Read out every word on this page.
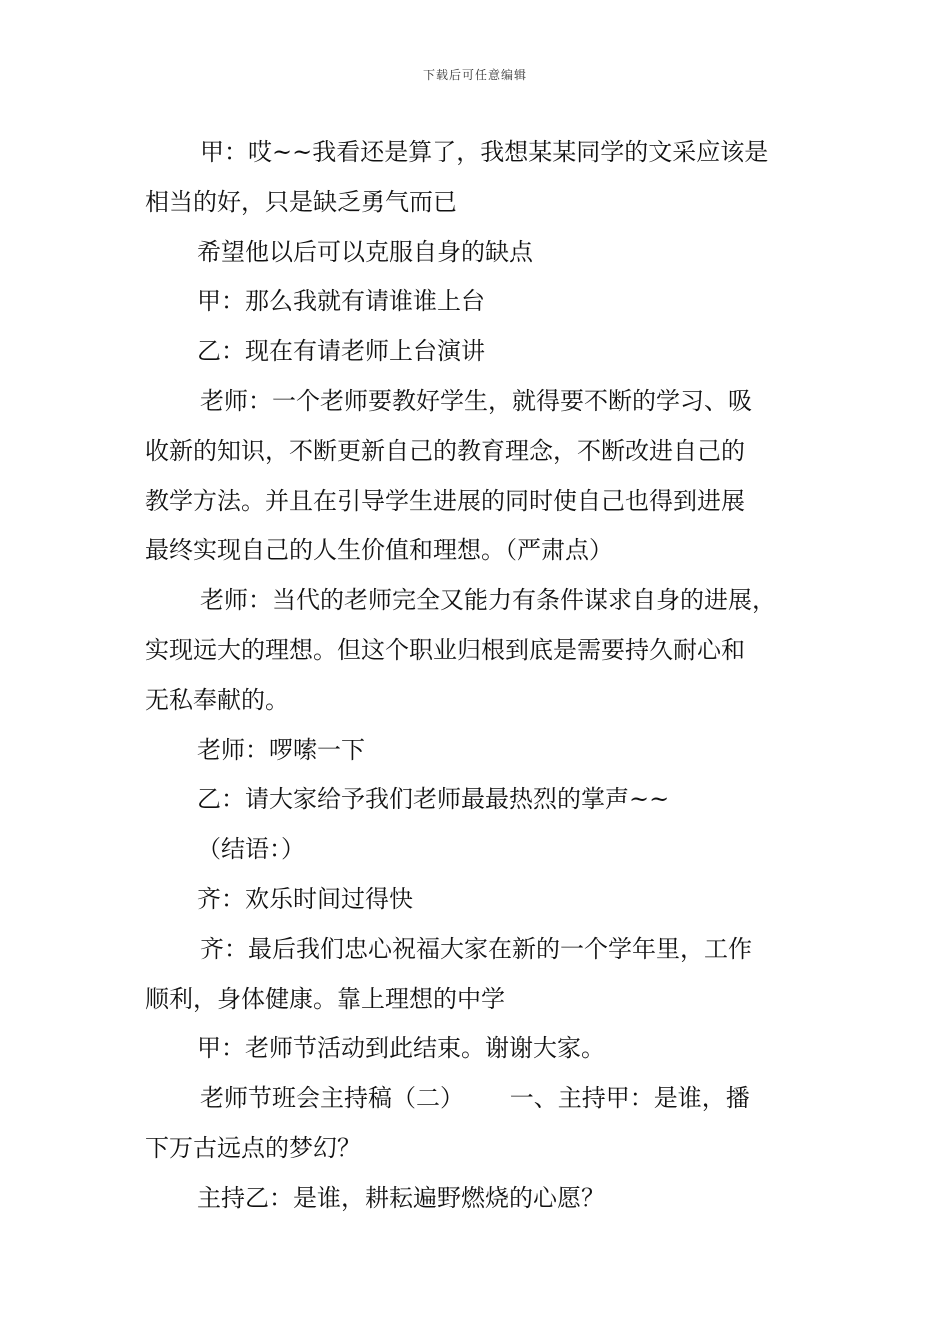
下载后可任意编辑
甲：哎~~我看还是算了，我想某某同学的文采应该是
相当的好，只是缺乏勇气而已
希望他以后可以克服自身的缺点
甲：那么我就有请谁谁上台
乙：现在有请老师上台演讲
老师：一个老师要教好学生，就得要不断的学习、吸
收新的知识，不断更新自己的教育理念，不断改进自己的
教学方法。并且在引导学生进展的同时使自己也得到进展
最终实现自己的人生价值和理想。（严肃点）
老师：当代的老师完全又能力有条件谋求自身的进展，
实现远大的理想。但这个职业归根到底是需要持久耐心和
无私奉献的。
老师：啰嗦一下
乙：请大家给予我们老师最最热烈的掌声~~
（结语：）
齐：欢乐时间过得快
齐：最后我们忠心祝福大家在新的一个学年里，工作
顺利，身体健康。靠上理想的中学
甲：老师节活动到此结束。谢谢大家。
老师节班会主持稿（二）      一、主持甲：是谁，播
下万古远点的梦幻？
主持乙：是谁，耕耘遍野燃烧的心愿？
